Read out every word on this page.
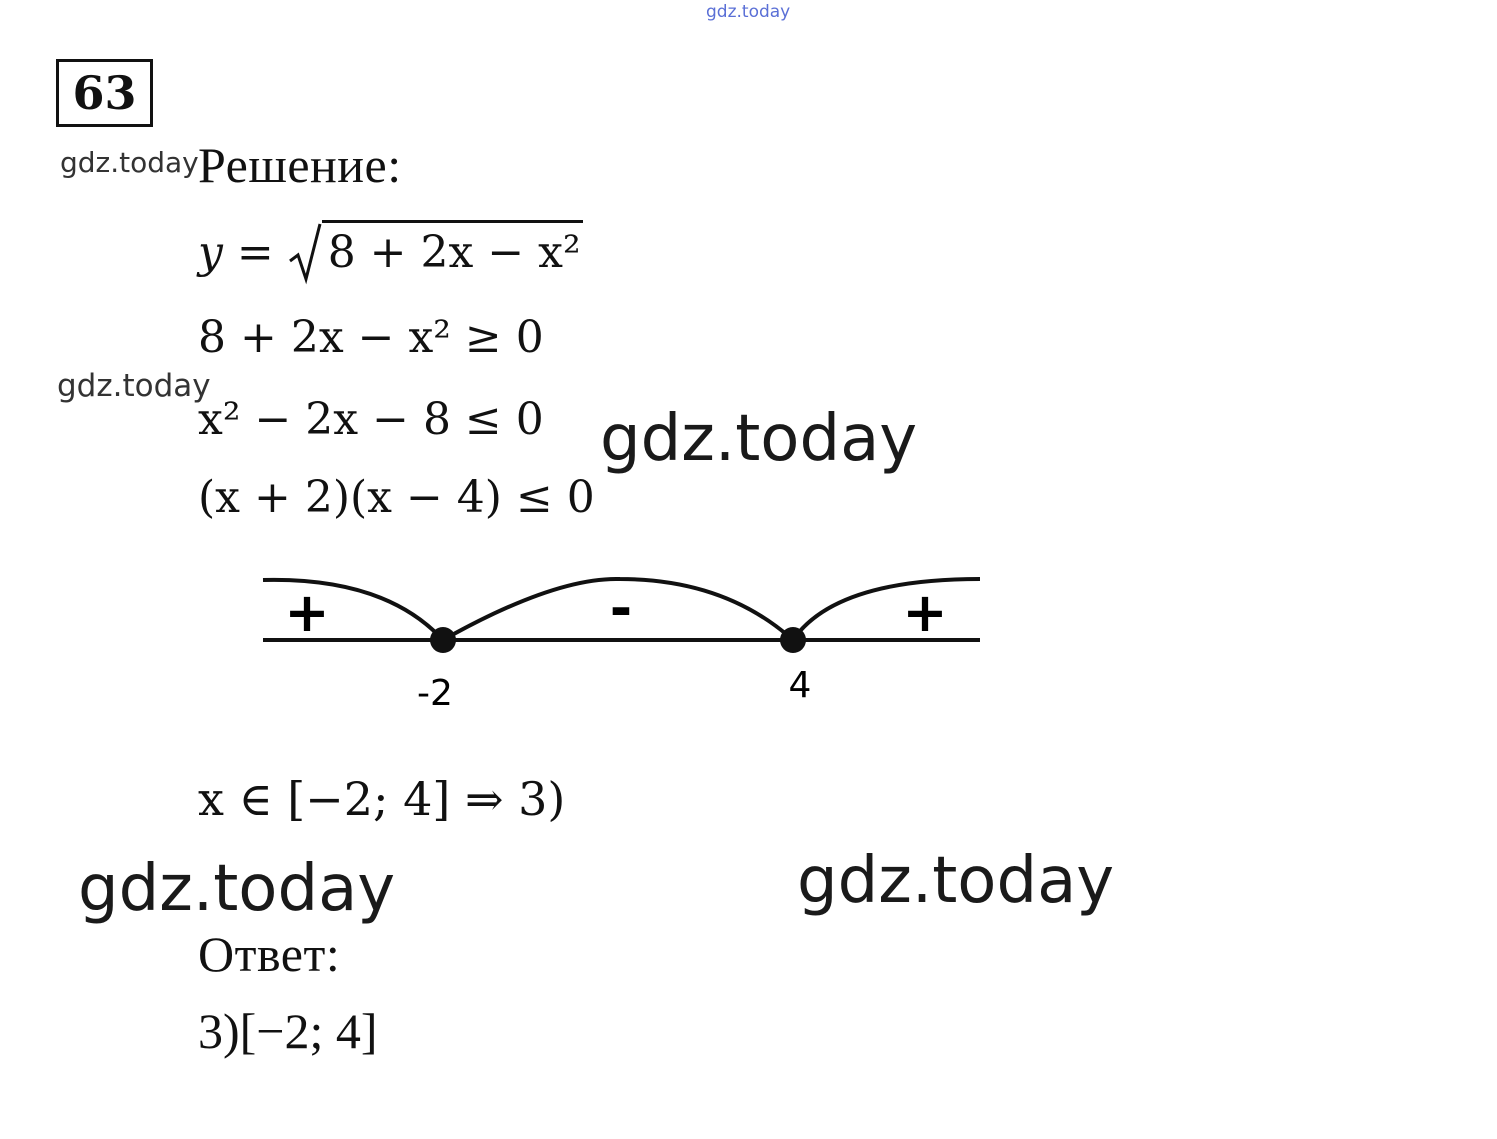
gdz.today
gdz.today
gdz.today
gdz.today
gdz.today	gdz.today
63
Решение:
y = 8 + 2x − x²
8 + 2x − x² ≥ 0
x² − 2x − 8 ≤ 0
(x + 2)(x − 4) ≤ 0
+	-	+
-2	4
x ∈ [−2; 4] ⇒ 3)
Ответ:
3)[−2; 4]
